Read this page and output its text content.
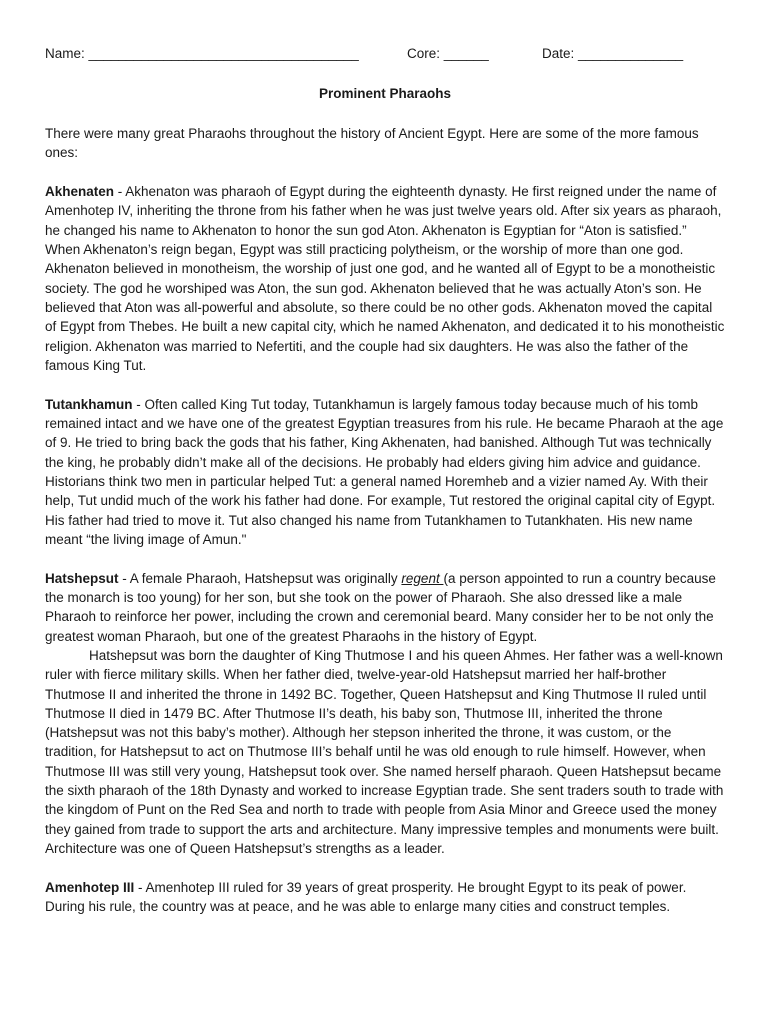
Name: ____________________________________	Core: ______	Date: ______________
Prominent Pharaohs

There were many great Pharaohs throughout the history of Ancient Egypt. Here are some of the more famous ones:

Akhenaten - Akhenaton was pharaoh of Egypt during the eighteenth dynasty. He first reigned under the name of Amenhotep IV, inheriting the throne from his father when he was just twelve years old. After six years as pharaoh, he changed his name to Akhenaton to honor the sun god Aton. Akhenaton is Egyptian for “Aton is satisfied.” When Akhenaton’s reign began, Egypt was still practicing polytheism, or the worship of more than one god. Akhenaton believed in monotheism, the worship of just one god, and he wanted all of Egypt to be a monotheistic society. The god he worshiped was Aton, the sun god. Akhenaton believed that he was actually Aton’s son. He believed that Aton was all-powerful and absolute, so there could be no other gods. Akhenaton moved the capital of Egypt from Thebes. He built a new capital city, which he named Akhenaton, and dedicated it to his monotheistic religion. Akhenaton was married to Nefertiti, and the couple had six daughters. He was also the father of the famous King Tut.

Tutankhamun - Often called King Tut today, Tutankhamun is largely famous today because much of his tomb remained intact and we have one of the greatest Egyptian treasures from his rule. He became Pharaoh at the age of 9. He tried to bring back the gods that his father, King Akhenaten, had banished. Although Tut was technically the king, he probably didn’t make all of the decisions. He probably had elders giving him advice and guidance. Historians think two men in particular helped Tut: a general named Horemheb and a vizier named Ay. With their help, Tut undid much of the work his father had done. For example, Tut restored the original capital city of Egypt. His father had tried to move it. Tut also changed his name from Tutankhamen to Tutankhaten. His new name meant “the living image of Amun."

Hatshepsut - A female Pharaoh, Hatshepsut was originally regent (a person appointed to run a country because the monarch is too young) for her son, but she took on the power of Pharaoh. She also dressed like a male Pharaoh to reinforce her power, including the crown and ceremonial beard. Many consider her to be not only the greatest woman Pharaoh, but one of the greatest Pharaohs in the history of Egypt.

Hatshepsut was born the daughter of King Thutmose I and his queen Ahmes. Her father was a well-known ruler with fierce military skills. When her father died, twelve-year-old Hatshepsut married her half-brother Thutmose II and inherited the throne in 1492 BC. Together, Queen Hatshepsut and King Thutmose II ruled until Thutmose II died in 1479 BC. After Thutmose II’s death, his baby son, Thutmose III, inherited the throne (Hatshepsut was not this baby’s mother). Although her stepson inherited the throne, it was custom, or the tradition, for Hatshepsut to act on Thutmose III’s behalf until he was old enough to rule himself. However, when Thutmose III was still very young, Hatshepsut took over. She named herself pharaoh. Queen Hatshepsut became the sixth pharaoh of the 18th Dynasty and worked to increase Egyptian trade. She sent traders south to trade with the kingdom of Punt on the Red Sea and north to trade with people from Asia Minor and Greece used the money they gained from trade to support the arts and architecture. Many impressive temples and monuments were built. Architecture was one of Queen Hatshepsut’s strengths as a leader.

Amenhotep III - Amenhotep III ruled for 39 years of great prosperity. He brought Egypt to its peak of power. During his rule, the country was at peace, and he was able to enlarge many cities and construct temples.
